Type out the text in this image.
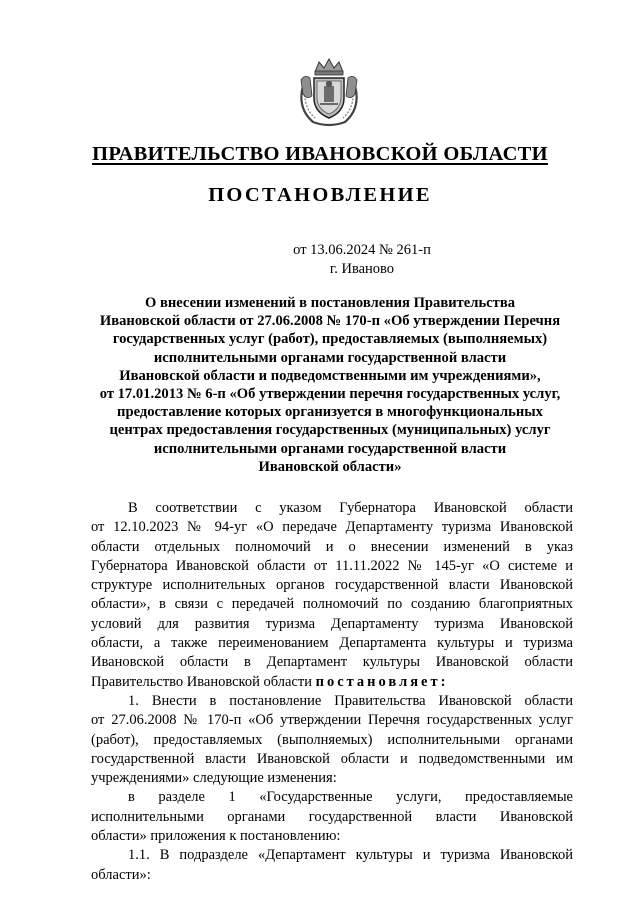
ПРАВИТЕЛЬСТВО ИВАНОВСКОЙ ОБЛАСТИ
ПОСТАНОВЛЕНИЕ
от 13.06.2024 № 261-п
г. Иваново
О внесении изменений в постановления Правительства
Ивановской области от 27.06.2008 № 170-п «Об утверждении Перечня
государственных услуг (работ), предоставляемых (выполняемых)
исполнительными органами государственной власти
Ивановской области и подведомственными им учреждениями»,
от 17.01.2013 № 6-п «Об утверждении перечня государственных услуг,
предоставление которых организуется в многофункциональных
центрах предоставления государственных (муниципальных) услуг
исполнительными органами государственной власти
Ивановской области»
В соответствии с указом Губернатора Ивановской области
от 12.10.2023 № 94-уг «О передаче Департаменту туризма Ивановской
области отдельных полномочий и о внесении изменений в указ
Губернатора Ивановской области от 11.11.2022 № 145-уг «О системе и
структуре исполнительных органов государственной власти Ивановской
области», в связи с передачей полномочий по созданию благоприятных
условий для развития туризма Департаменту туризма Ивановской
области, а также переименованием Департамента культуры и туризма
Ивановской области в Департамент культуры Ивановской области
Правительство Ивановской области постановляет:
1. Внести в постановление Правительства Ивановской области
от 27.06.2008 № 170-п «Об утверждении Перечня государственных услуг
(работ), предоставляемых (выполняемых) исполнительными органами
государственной власти Ивановской области и подведомственными им
учреждениями» следующие изменения:
в разделе 1 «Государственные услуги, предоставляемые
исполнительными органами государственной власти Ивановской
области» приложения к постановлению:
1.1. В подразделе «Департамент культуры и туризма Ивановской
области»:
